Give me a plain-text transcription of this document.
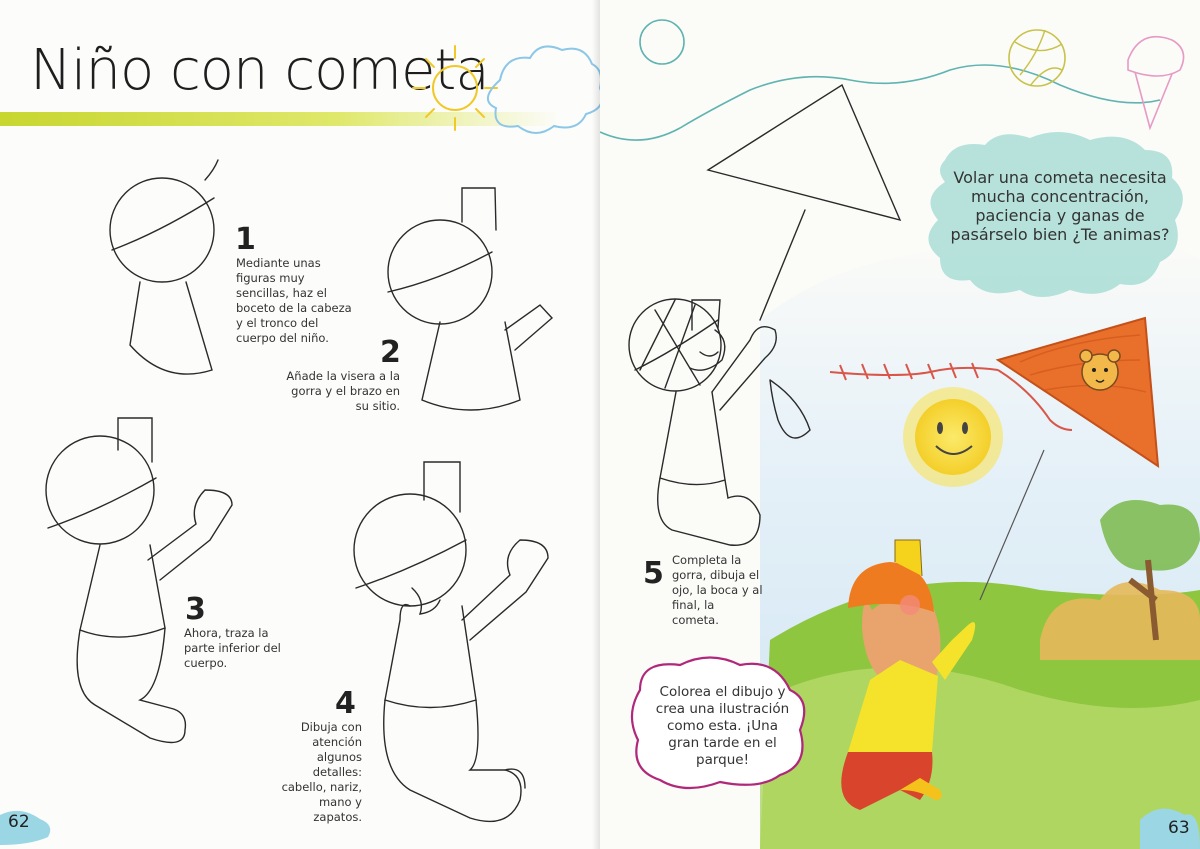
Niño con cometa
1
Mediante unas figuras muy sencillas, haz el boceto de la cabeza y el tronco del cuerpo del niño.	2
Añade la visera a la gorra y el brazo en su sitio.
3
Ahora, traza la parte inferior del cuerpo.
4
Dibuja con atención algunos detalles: cabello, nariz, mano y zapatos.
62
Volar una cometa necesita mucha concentración, paciencia y ganas de pasárselo bien ¿Te animas?
5 Completa la gorra, dibuja el ojo, la boca y al final, la cometa.
Colorea el dibujo y crea una ilustración como esta. ¡Una gran tarde en el parque!
63
